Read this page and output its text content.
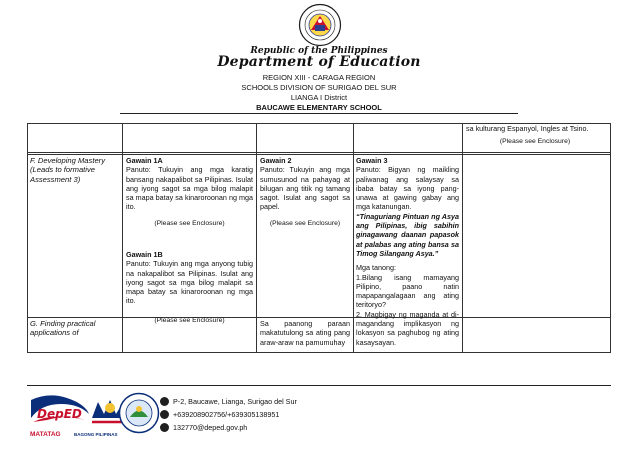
Republic of the Philippines
Department of Education
REGION XIII - CARAGA REGION
SCHOOLS DIVISION OF SURIGAO DEL SUR
LIANGA I District
BAUCAWE ELEMENTARY SCHOOL
sa kulturang Espanyol, Ingles at Tsino.
(Please see Enclosure)
F. Developing Mastery (Leads to formative Assessment 3)
Gawain 1A
Panuto: Tukuyin ang mga karatig bansang nakapalibot sa Pilipinas. Isulat ang iyong sagot sa mga bilog malapit sa mapa batay sa kinaroroonan ng mga ito.
(Please see Enclosure)
Gawain 1B
Panuto: Tukuyin ang mga anyong tubig na nakapalibot sa Pilipinas. Isulat ang iyong sagot sa mga bilog malapit sa mapa batay sa kinaroroonan ng mga ito.
(Please see Enclosure)
Gawain 2
Panuto: Tukuyin ang mga sumusunod na pahayag at bilugan ang titik ng tamang sagot. Isulat ang sagot sa papel.
(Please see Enclosure)
Gawain 3
Panuto: Bigyan ng maikling paliwanag ang salaysay sa ibaba batay sa iyong pang-unawa at gawing gabay ang mga katanungan.
“Tinaguriang Pintuan ng Asya ang Pilipinas, ibig sabihin ginagawang daanan papasok at palabas ang ating bansa sa Timog Silangang Asya.”
Mga tanong:
1.Bilang isang mamayang Pilipino, paano natin mapapangalagaan ang ating teritoryo?
2. Magbigay ng maganda at di-magandang implikasyon ng lokasyon sa paghubog ng ating kasaysayan.
G. Finding practical applications of
Sa paanong paraan makatutulong sa ating pang araw-araw na pamumuhay
DepED
MATATAG	BAGONG PILIPINAS
P-2, Baucawe, Lianga, Surigao del Sur
+639208902756/+639305138951
132770@deped.gov.ph
